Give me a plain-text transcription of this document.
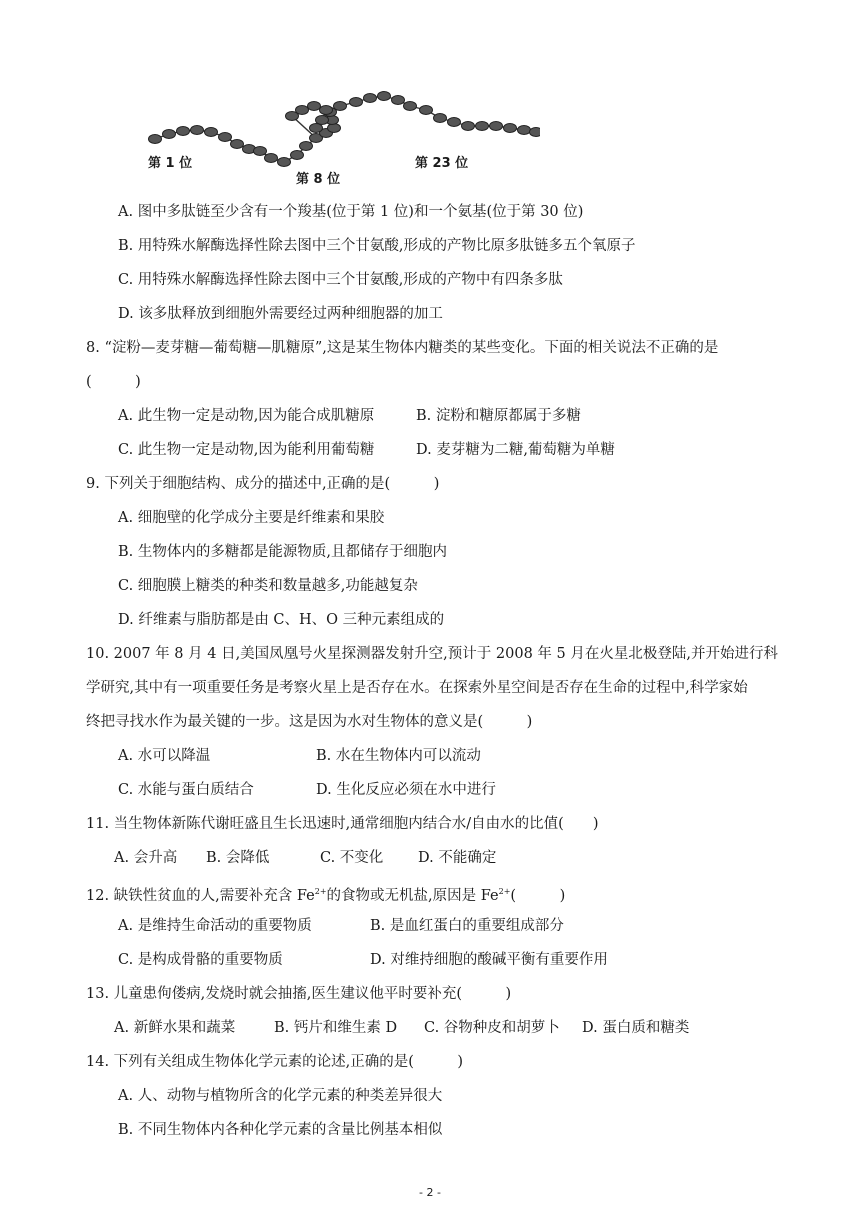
第 1 位
第 8 位
第 23 位
A. 图中多肽链至少含有一个羧基(位于第 1 位)和一个氨基(位于第 30 位)
B. 用特殊水解酶选择性除去图中三个甘氨酸,形成的产物比原多肽链多五个氧原子
C. 用特殊水解酶选择性除去图中三个甘氨酸,形成的产物中有四条多肽
D. 该多肽释放到细胞外需要经过两种细胞器的加工
8. “淀粉—麦芽糖—葡萄糖—肌糖原”,这是某生物体内糖类的某些变化。下面的相关说法不正确的是
(　　　)
A. 此生物一定是动物,因为能合成肌糖原	B. 淀粉和糖原都属于多糖
C. 此生物一定是动物,因为能利用葡萄糖	D. 麦芽糖为二糖,葡萄糖为单糖
9. 下列关于细胞结构、成分的描述中,正确的是(　　　)
A. 细胞壁的化学成分主要是纤维素和果胶
B. 生物体内的多糖都是能源物质,且都储存于细胞内
C. 细胞膜上糖类的种类和数量越多,功能越复杂
D. 纤维素与脂肪都是由 C、H、O 三种元素组成的
10. 2007 年 8 月 4 日,美国凤凰号火星探测器发射升空,预计于 2008 年 5 月在火星北极登陆,并开始进行科
学研究,其中有一项重要任务是考察火星上是否存在水。在探索外星空间是否存在生命的过程中,科学家始
终把寻找水作为最关键的一步。这是因为水对生物体的意义是(　　　)
A. 水可以降温	B. 水在生物体内可以流动
C. 水能与蛋白质结合	D. 生化反应必须在水中进行
11. 当生物体新陈代谢旺盛且生长迅速时,通常细胞内结合水/自由水的比值(　　)
A. 会升高 B. 会降低	C. 不变化 D. 不能确定
12. 缺铁性贫血的人,需要补充含 $Fe^{2+}$的食物或无机盐,原因是 $Fe^{2+}$(　　　)
A. 是维持生命活动的重要物质	B. 是血红蛋白的重要组成部分
C. 是构成骨骼的重要物质	D. 对维持细胞的酸碱平衡有重要作用
13. 儿童患佝偻病,发烧时就会抽搐,医生建议他平时要补充(　　　)
A. 新鲜水果和蔬菜	B. 钙片和维生素 D C. 谷物种皮和胡萝卜 D. 蛋白质和糖类
14. 下列有关组成生物体化学元素的论述,正确的是(　　　)
A. 人、动物与植物所含的化学元素的种类差异很大
B. 不同生物体内各种化学元素的含量比例基本相似
- 2 -
